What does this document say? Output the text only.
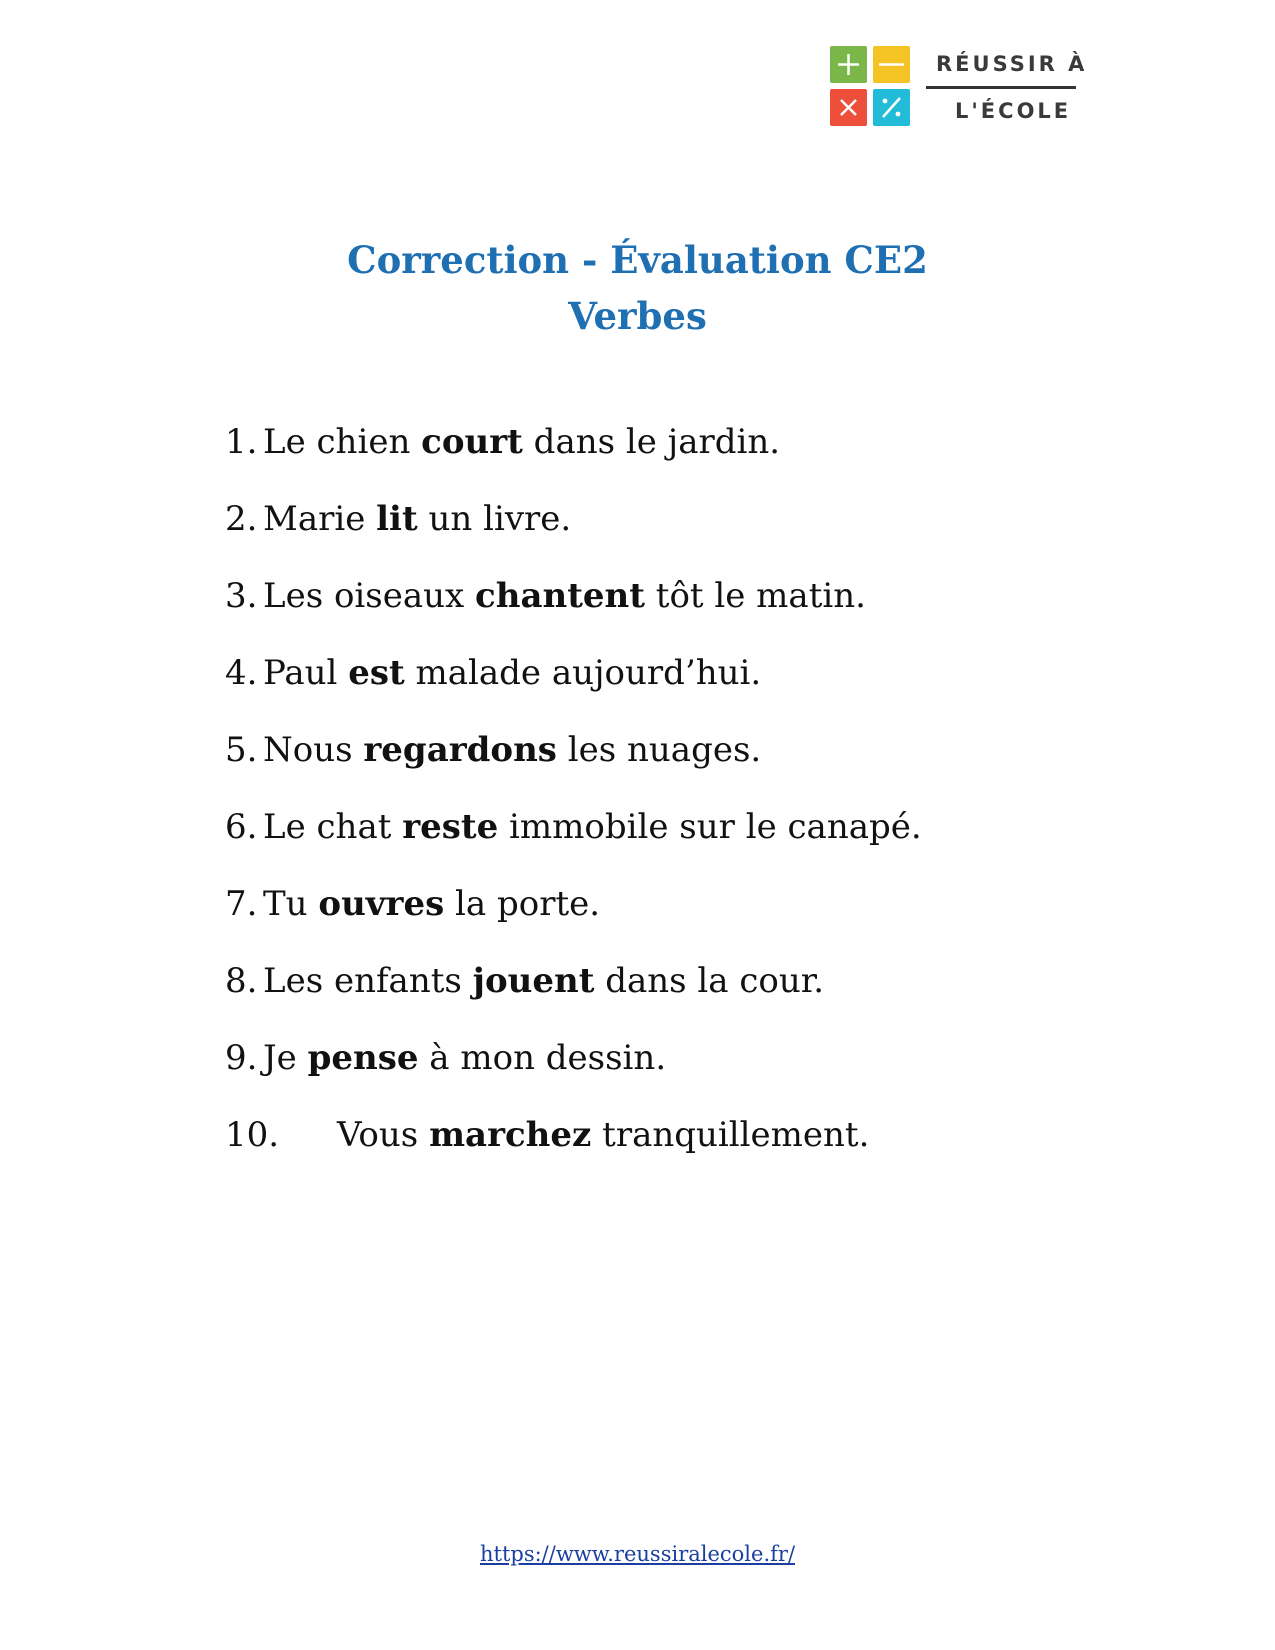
RÉUSSIR À
L'ÉCOLE
Correction - Évaluation CE2
Verbes
1. Le chien court dans le jardin.
2. Marie lit un livre.
3. Les oiseaux chantent tôt le matin.
4. Paul est malade aujourd’hui.
5. Nous regardons les nuages.
6. Le chat reste immobile sur le canapé.
7. Tu ouvres la porte.
8. Les enfants jouent dans la cour.
9. Je pense à mon dessin.
10.	Vous marchez tranquillement.
https://www.reussiralecole.fr/
